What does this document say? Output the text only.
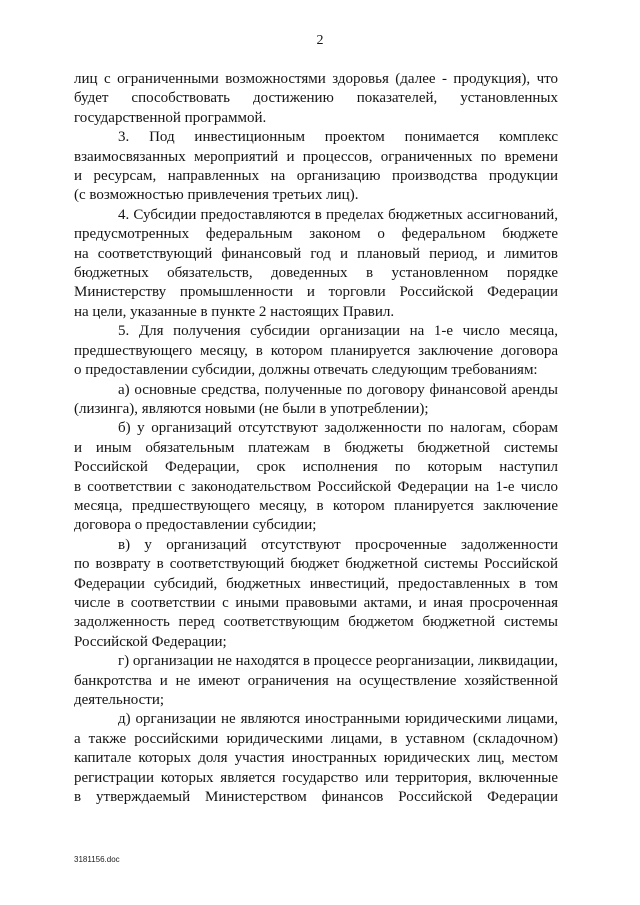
2
лиц с ограниченными возможностями здоровья (далее - продукция), что
будет способствовать достижению показателей, установленных
государственной программой.
3. Под инвестиционным проектом понимается комплекс
взаимосвязанных мероприятий и процессов, ограниченных по времени
и ресурсам, направленных на организацию производства продукции
(с возможностью привлечения третьих лиц).
4. Субсидии предоставляются в пределах бюджетных ассигнований,
предусмотренных федеральным законом о федеральном бюджете
на соответствующий финансовый год и плановый период, и лимитов
бюджетных обязательств, доведенных в установленном порядке
Министерству промышленности и торговли Российской Федерации
на цели, указанные в пункте 2 настоящих Правил.
5. Для получения субсидии организации на 1-е число месяца,
предшествующего месяцу, в котором планируется заключение договора
о предоставлении субсидии, должны отвечать следующим требованиям:
а) основные средства, полученные по договору финансовой аренды
(лизинга), являются новыми (не были в употреблении);
б) у организаций отсутствуют задолженности по налогам, сборам
и иным обязательным платежам в бюджеты бюджетной системы
Российской Федерации, срок исполнения по которым наступил
в соответствии с законодательством Российской Федерации на 1-е число
месяца, предшествующего месяцу, в котором планируется заключение
договора о предоставлении субсидии;
в) у организаций отсутствуют просроченные задолженности
по возврату в соответствующий бюджет бюджетной системы Российской
Федерации субсидий, бюджетных инвестиций, предоставленных в том
числе в соответствии с иными правовыми актами, и иная просроченная
задолженность перед соответствующим бюджетом бюджетной системы
Российской Федерации;
г) организации не находятся в процессе реорганизации, ликвидации,
банкротства и не имеют ограничения на осуществление хозяйственной
деятельности;
д) организации не являются иностранными юридическими лицами,
а также российскими юридическими лицами, в уставном (складочном)
капитале которых доля участия иностранных юридических лиц, местом
регистрации которых является государство или территория, включенные
в утверждаемый Министерством финансов Российской Федерации
3181156.doc
